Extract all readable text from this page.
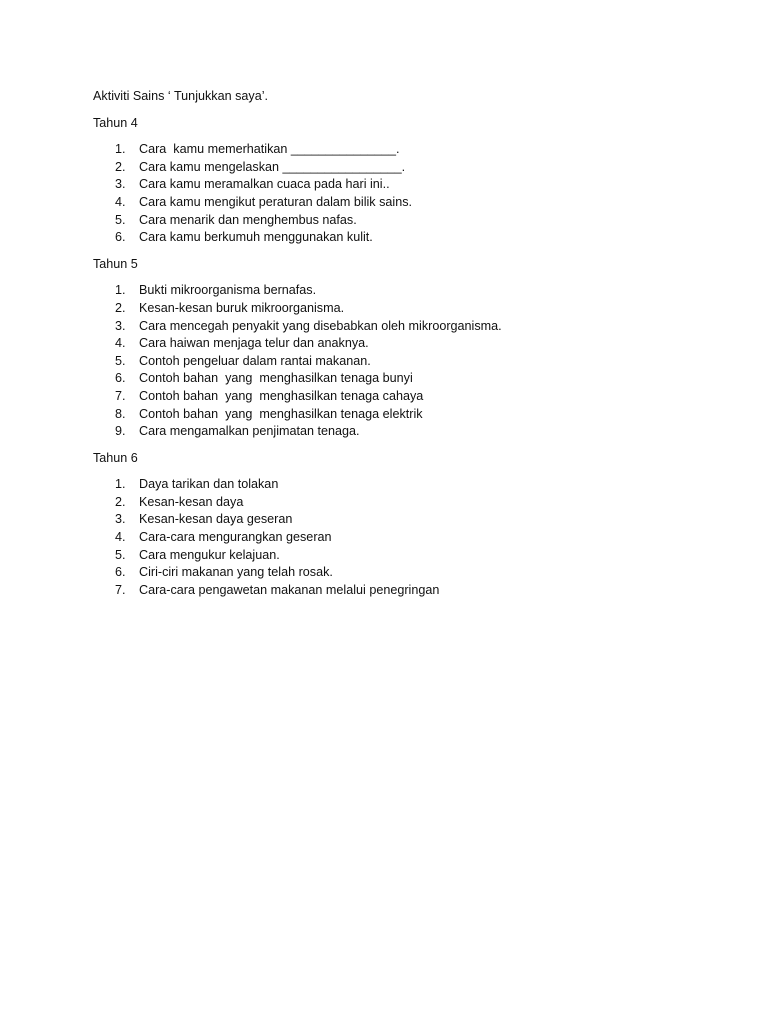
Aktiviti Sains ‘ Tunjukkan saya’.

Tahun 4

1. Cara  kamu memerhatikan _______________.
2. Cara kamu mengelaskan _________________.
3. Cara kamu meramalkan cuaca pada hari ini..
4. Cara kamu mengikut peraturan dalam bilik sains.
5. Cara menarik dan menghembus nafas.
6. Cara kamu berkumuh menggunakan kulit.

Tahun 5

1. Bukti mikroorganisma bernafas.
2. Kesan-kesan buruk mikroorganisma.
3. Cara mencegah penyakit yang disebabkan oleh mikroorganisma.
4. Cara haiwan menjaga telur dan anaknya.
5. Contoh pengeluar dalam rantai makanan.
6. Contoh bahan  yang  menghasilkan tenaga bunyi
7. Contoh bahan  yang  menghasilkan tenaga cahaya
8. Contoh bahan  yang  menghasilkan tenaga elektrik
9. Cara mengamalkan penjimatan tenaga.

Tahun 6

1. Daya tarikan dan tolakan
2. Kesan-kesan daya
3. Kesan-kesan daya geseran
4. Cara-cara mengurangkan geseran
5. Cara mengukur kelajuan.
6. Ciri-ciri makanan yang telah rosak.
7. Cara-cara pengawetan makanan melalui penegringan
